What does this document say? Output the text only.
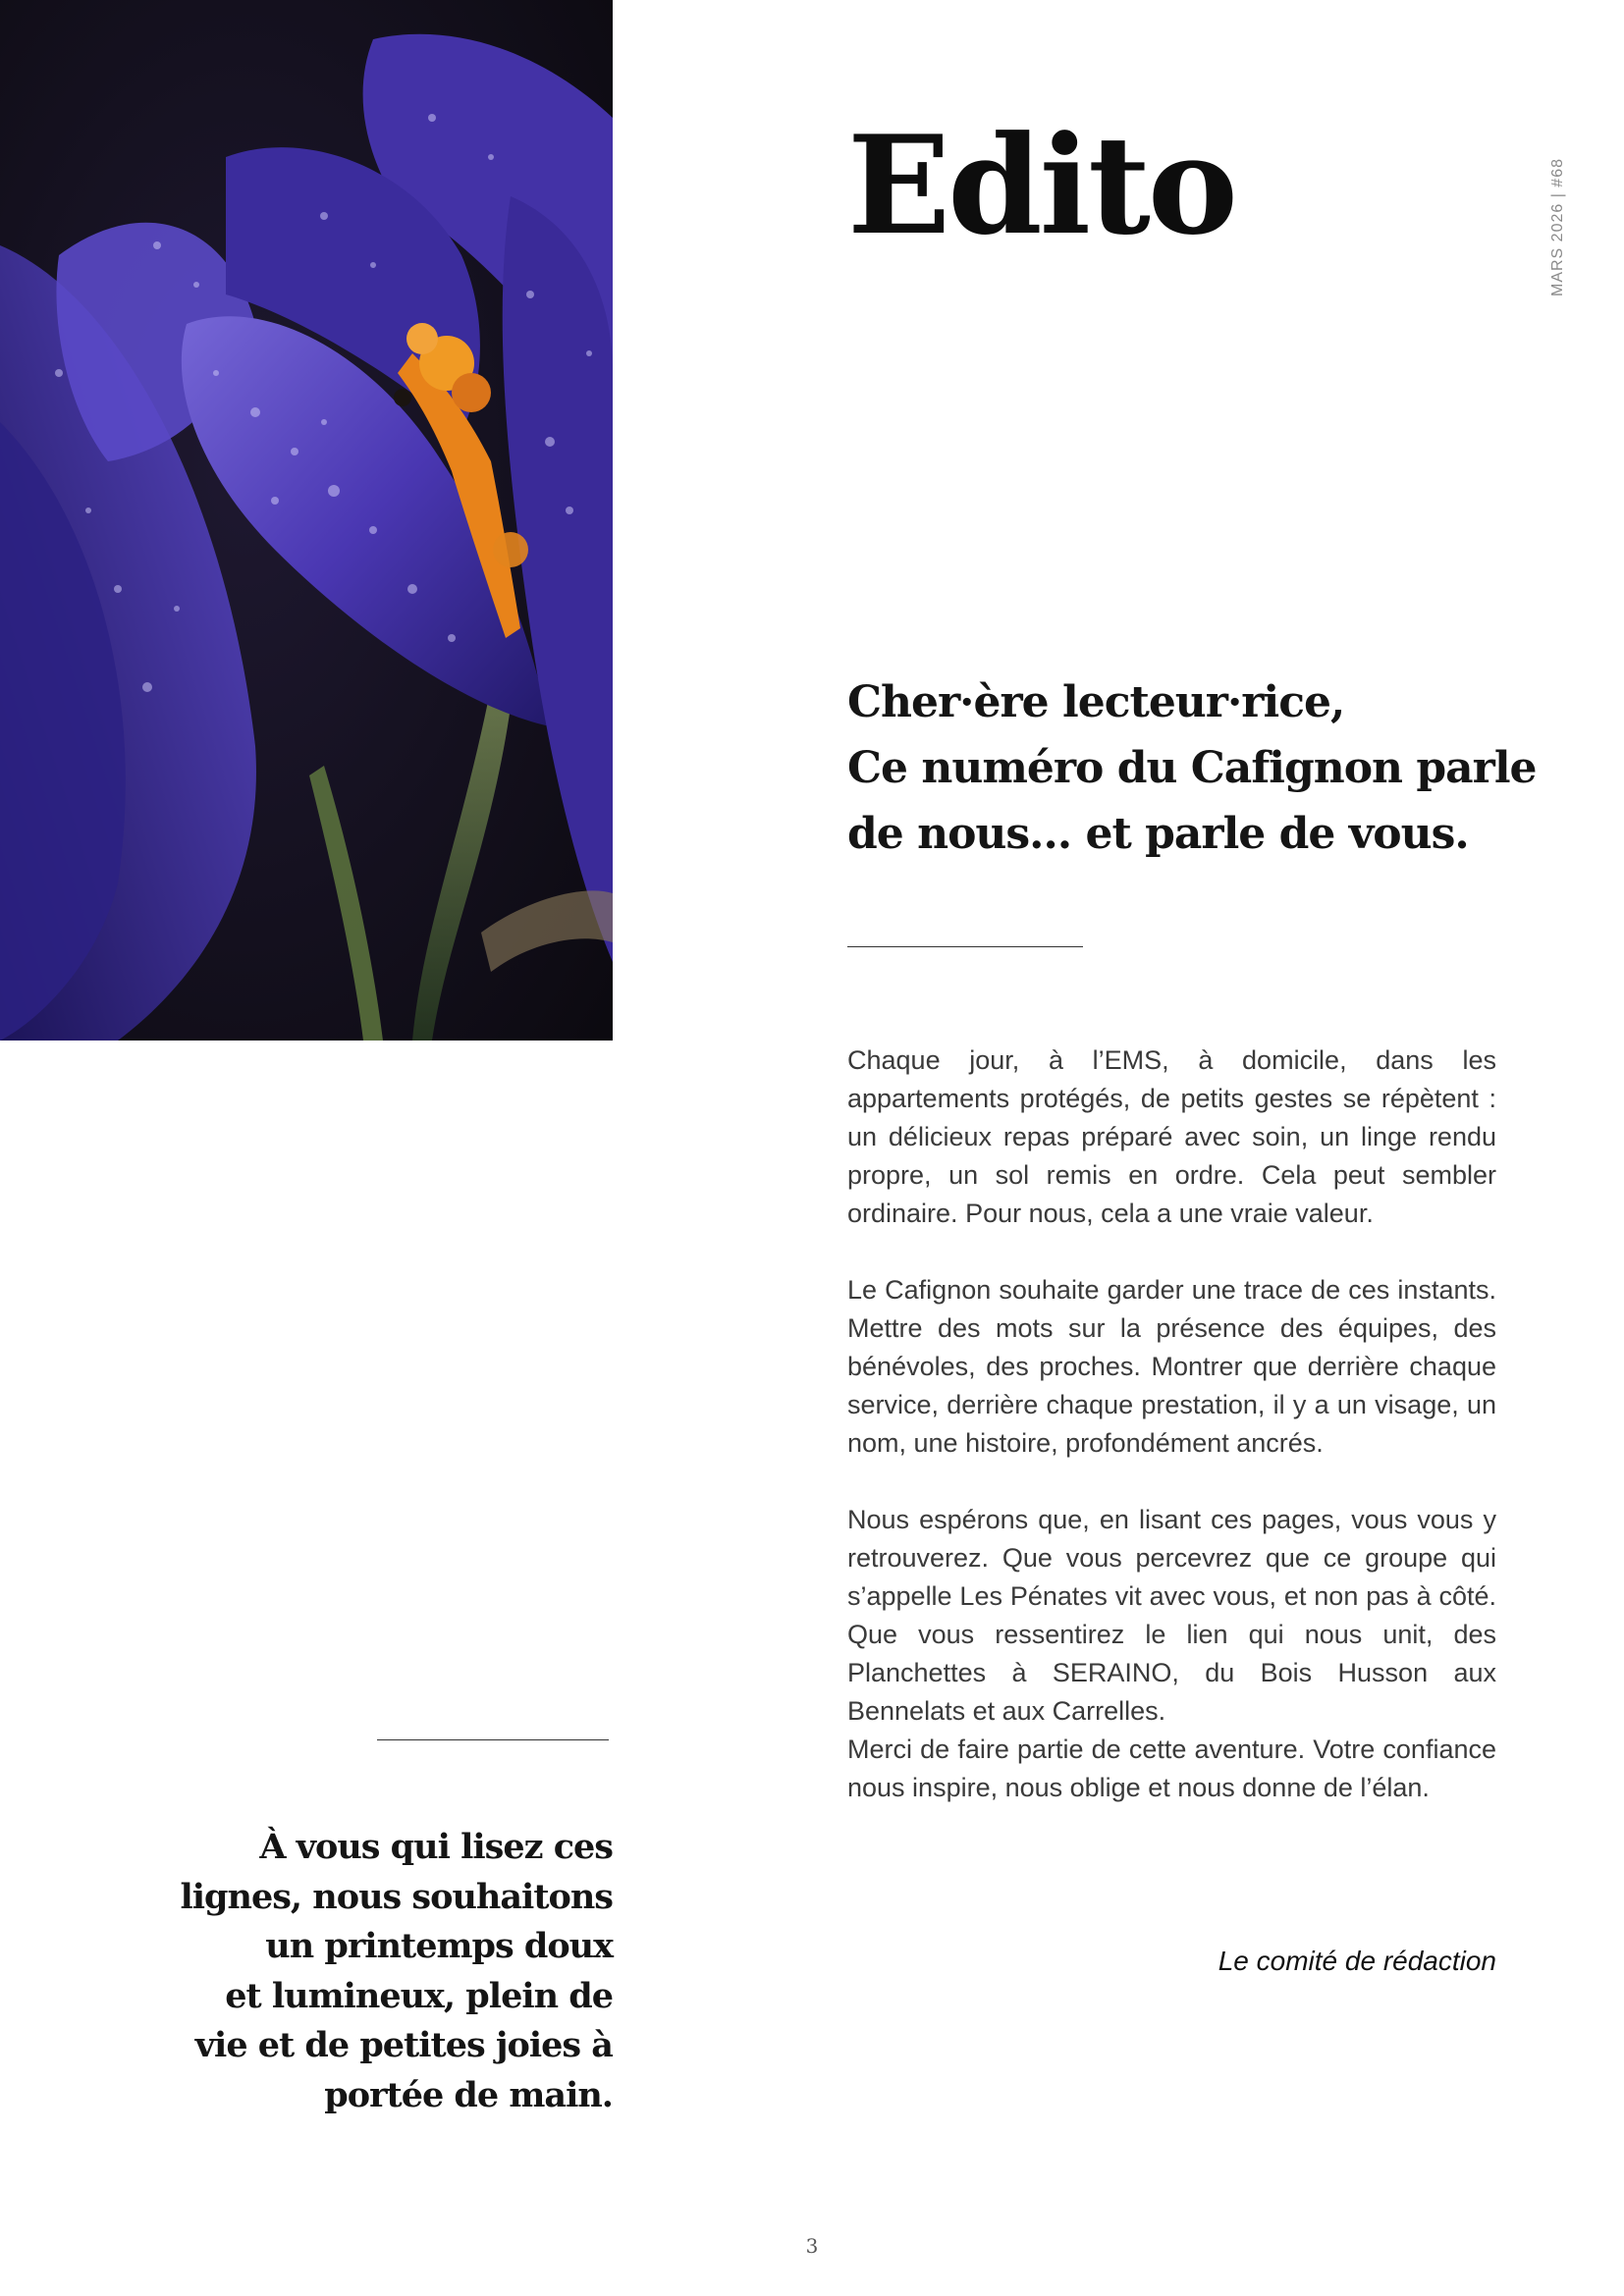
Edito	MARS 2026 | #68
Cher·ère lecteur·rice,
Ce numéro du Cafignon parle
de nous… et parle de vous.

Chaque jour, à l’EMS, à domicile, dans les appartements protégés, de petits gestes se répètent : un délicieux repas préparé avec soin, un linge rendu propre, un sol remis en ordre. Cela peut sembler ordinaire. Pour nous, cela a une vraie valeur.

Le Cafignon souhaite garder une trace de ces instants. Mettre des mots sur la présence des équipes, des bénévoles, des proches. Montrer que derrière chaque service, derrière chaque prestation, il y a un visage, un nom, une histoire, profondément ancrés.

Nous espérons que, en lisant ces pages, vous vous y retrouverez. Que vous percevrez que ce groupe qui s’appelle Les Pénates vit avec vous, et non pas à côté. Que vous ressentirez le lien qui nous unit, des Planchettes à SERAINO, du Bois Husson aux Bennelats et aux Carrelles.

Merci de faire partie de cette aventure. Votre confiance nous inspire, nous oblige et nous donne de l’élan.

Le comité de rédaction

À vous qui lisez ces
lignes, nous souhaitons
un printemps doux
et lumineux, plein de
vie et de petites joies à
portée de main.

3
